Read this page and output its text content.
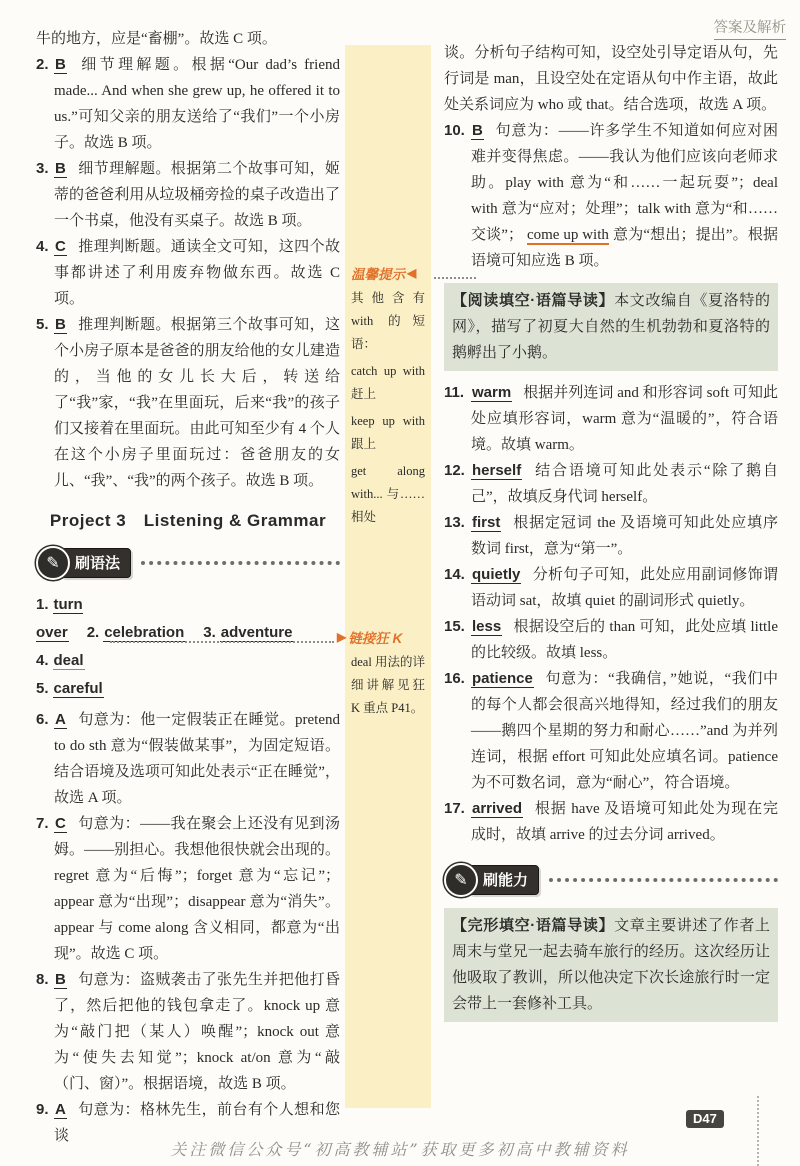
答案及解析

牛的地方，应是“畜棚”。故选 C 项。

2. B 细节理解题。根据“Our dad’s friend made... And when she grew up, he offered it to us.”可知父亲的朋友送给了“我们”一个小房子。故选 B 项。
3. B 细节理解题。根据第二个故事可知，姬蒂的爸爸利用从垃圾桶旁捡的桌子改造出了一个书桌，他没有买桌子。故选 B 项。
4. C 推理判断题。通读全文可知，这四个故事都讲述了利用废弃物做东西。故选 C 项。
5. B 推理判断题。根据第三个故事可知，这个小房子原本是爸爸的朋友给他的女儿建造的，当他的女儿长大后，转送给了“我”家，“我”在里面玩，后来“我”的孩子们又接着在里面玩。由此可知至少有 4 个人在这个小房子里面玩过：爸爸朋友的女儿、“我”、“我”的两个孩子。故选 B 项。
Project 3　Listening & Grammar
✎	刷语法
1. turn over 2. celebration 3. adventure
4. deal
5. careful
6. A 句意为：他一定假装正在睡觉。pretend to do sth 意为“假装做某事”，为固定短语。结合语境及选项可知此处表示“正在睡觉”，故选 A 项。
7. C 句意为：——我在聚会上还没有见到汤姆。——别担心。我想他很快就会出现的。regret 意为“后悔”；forget 意为“忘记”；appear 意为“出现”；disappear 意为“消失”。appear 与 come along 含义相同，都意为“出现”。故选 C 项。
8. B 句意为：盗贼袭击了张先生并把他打昏了，然后把他的钱包拿走了。knock up 意为“敲门把（某人）唤醒”；knock out 意为“使失去知觉”；knock at/on 意为“敲（门、窗）”。根据语境，故选 B 项。
9. A 句意为：格林先生，前台有个人想和您谈
温馨提示 ◀
其他含有 with 的短语：
catch up with 赶上
keep up with 跟上
get along with... 与……相处
▶ 链接狂 K
deal 用法的详细讲解见狂 K 重点 P41。

谈。分析句子结构可知，设空处引导定语从句，先行词是 man，且设空处在定语从句中作主语，故此处关系词应为 who 或 that。结合选项，故选 A 项。

10. B 句意为：——许多学生不知道如何应对困难并变得焦虑。——我认为他们应该向老师求助。play with 意为“和……一起玩耍”；deal with 意为“应对；处理”；talk with 意为“和……交谈”； come up with 意为“想出；提出”。根据语境可知应选 B 项。
【阅读填空·语篇导读】本文改编自《夏洛特的网》，描写了初夏大自然的生机勃勃和夏洛特的鹅孵出了小鹅。
11. warm 根据并列连词 and 和形容词 soft 可知此处应填形容词，warm 意为“温暖的”，符合语境。故填 warm。
12. herself 结合语境可知此处表示“除了鹅自己”，故填反身代词 herself。
13. first 根据定冠词 the 及语境可知此处应填序数词 first，意为“第一”。
14. quietly 分析句子可知，此处应用副词修饰谓语动词 sat，故填 quiet 的副词形式 quietly。
15. less 根据设空后的 than 可知，此处应填 little 的比较级。故填 less。
16. patience 句意为：“我确信，”她说，“我们中的每个人都会很高兴地得知，经过我们的朋友——鹅四个星期的努力和耐心……”and 为并列连词，根据 effort 可知此处应填名词。patience 为不可数名词，意为“耐心”，符合语境。
17. arrived 根据 have 及语境可知此处为现在完成时，故填 arrive 的过去分词 arrived。
✎	刷能力
【完形填空·语篇导读】文章主要讲述了作者上周末与堂兄一起去骑车旅行的经历。这次经历让他吸取了教训，所以他决定下次长途旅行时一定会带上一套修补工具。
D47
关注微信公众号“初高教辅站”获取更多初高中教辅资料
